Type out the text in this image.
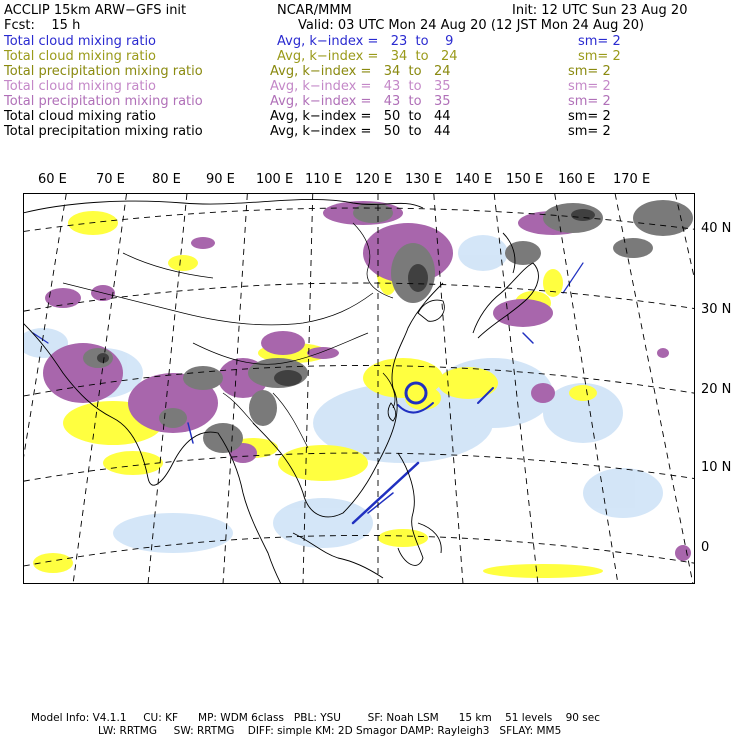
ACCLIP 15km ARW−GFS init	NCAR/MMM	Init: 12 UTC Sun 23 Aug 20
Fcst:    15 h	Valid: 03 UTC Mon 24 Aug 20 (12 JST Mon 24 Aug 20)
Total cloud mixing ratio	Avg, k−index =   23  to    9	sm= 2
Total cloud mixing ratio	Avg, k−index =   34  to   24	sm= 2
Total precipitation mixing ratio	Avg, k−index =   34  to   24	sm= 2
Total cloud mixing ratio	Avg, k−index =   43  to   35	sm= 2
Total precipitation mixing ratio	Avg, k−index =   43  to   35	sm= 2
Total cloud mixing ratio	Avg, k−index =   50  to   44	sm= 2
Total precipitation mixing ratio	Avg, k−index =   50  to   44	sm= 2
60 E 70 E 80 E 90 E 100 E 110 E 120 E 130 E 140 E 150 E 160 E 170 E
40 N
30 N
20 N
10 N
0
Model Info: V4.1.1     CU: KF      MP: WDM 6class   PBL: YSU        SF: Noah LSM      15 km    51 levels    90 sec
LW: RRTMG     SW: RRTMG    DIFF: simple KM: 2D Smagor DAMP: Rayleigh3   SFLAY: MM5
